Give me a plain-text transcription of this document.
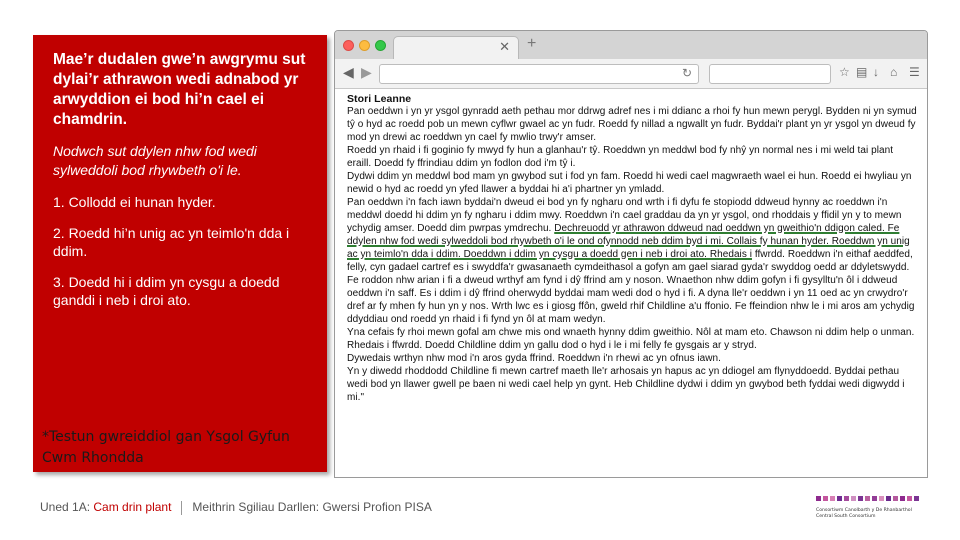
Mae’r dudalen gwe’n awgrymu sut dylai’r athrawon wedi adnabod yr arwyddion ei bod hi’n cael ei chamdrin.
Nodwch sut ddylen nhw fod wedi sylweddoli bod rhywbeth o'i le.
1. Collodd ei hunan hyder.
2. Roedd hi’n unig ac yn teimlo'n dda i ddim.
3. Doedd hi i ddim yn cysgu a doedd ganddi i neb i droi ato.
*Testun gwreiddiol gan Ysgol Gyfun Cwm Rhondda
✕ +
◀ ▶	↻	☆ ▤ ↓ ⌂ ☰
Stori Leanne
Pan oeddwn i yn yr ysgol gynradd aeth pethau mor ddrwg adref nes i mi ddianc a rhoi fy hun mewn perygl. Bydden ni yn symud tŷ o hyd ac roedd pob un mewn cyflwr gwael ac yn fudr. Roedd fy nillad a ngwallt yn fudr. Byddai'r plant yn yr ysgol yn dweud fy mod yn drewi ac roeddwn yn cael fy mwlio trwy'r amser.
Roedd yn rhaid i fi goginio fy mwyd fy hun a glanhau'r tŷ. Roeddwn yn meddwl bod fy nhŷ yn normal nes i mi weld tai plant eraill. Doedd fy ffrindiau ddim yn fodlon dod i'm tŷ i.
Dydwi ddim yn meddwl bod mam yn gwybod sut i fod yn fam. Roedd hi wedi cael magwraeth wael ei hun. Roedd ei hwyliau yn newid o hyd ac roedd yn yfed llawer a byddai hi a'i phartner yn ymladd.
Pan oeddwn i'n fach iawn byddai'n dweud ei bod yn fy ngharu ond wrth i fi dyfu fe stopiodd ddweud hynny ac roeddwn i'n meddwl doedd hi ddim yn fy ngharu i ddim mwy. Roeddwn i'n cael graddau da yn yr ysgol, ond rhoddais y ffidil yn y to mewn ychydig amser. Doedd dim pwrpas ymdrechu. Dechreuodd yr athrawon ddweud nad oeddwn yn gweithio'n ddigon caled. Fe ddylen nhw fod wedi sylweddoli bod rhywbeth o'i le ond ofynnodd neb ddim byd i mi. Collais fy hunan hyder. Roeddwn yn unig ac yn teimlo'n dda i ddim. Doeddwn i ddim yn cysgu a doedd gen i neb i droi ato. Rhedais i ffwrdd. Roeddwn i'n eithaf aeddfed, felly, cyn gadael cartref es i swyddfa'r gwasanaeth cymdeithasol a gofyn am gael siarad gyda'r swyddog oedd ar ddyletswydd.
Fe roddon nhw arian i fi a dweud wrthyf am fynd i dŷ ffrind am y noson. Wnaethon nhw ddim gofyn i fi gysylltu'n ôl i ddweud oeddwn i'n saff. Es i ddim i dŷ ffrind oherwydd byddai mam wedi dod o hyd i fi. A dyna lle'r oeddwn i yn 11 oed ac yn crwydro'r dref ar fy mhen fy hun yn y nos. Wrth lwc es i giosg ffôn, gweld rhif Childline a'u ffonio. Fe ffeindion nhw le i mi aros am ychydig ddyddiau ond roedd yn rhaid i fi fynd yn ôl at mam wedyn.
Yna cefais fy rhoi mewn gofal am chwe mis ond wnaeth hynny ddim gweithio. Nôl at mam eto. Chawson ni ddim help o unman. Rhedais i ffwrdd. Doedd Childline ddim yn gallu dod o hyd i le i mi felly fe gysgais ar y stryd.
Dywedais wrthyn nhw mod i'n aros gyda ffrind. Roeddwn i'n rhewi ac yn ofnus iawn.
Yn y diwedd rhoddodd Childline fi mewn cartref maeth lle'r arhosais yn hapus ac yn ddiogel am flynyddoedd. Byddai pethau wedi bod yn llawer gwell pe baen ni wedi cael help yn gynt. Heb Childline dydwi i ddim yn gwybod beth fyddai wedi digwydd i mi."
Uned 1A: Cam drin plant Meithrin Sgiliau Darllen: Gwersi Profion PISA	Consortiwm Canolbarth y De Rhanbarthol Central South Consortium
